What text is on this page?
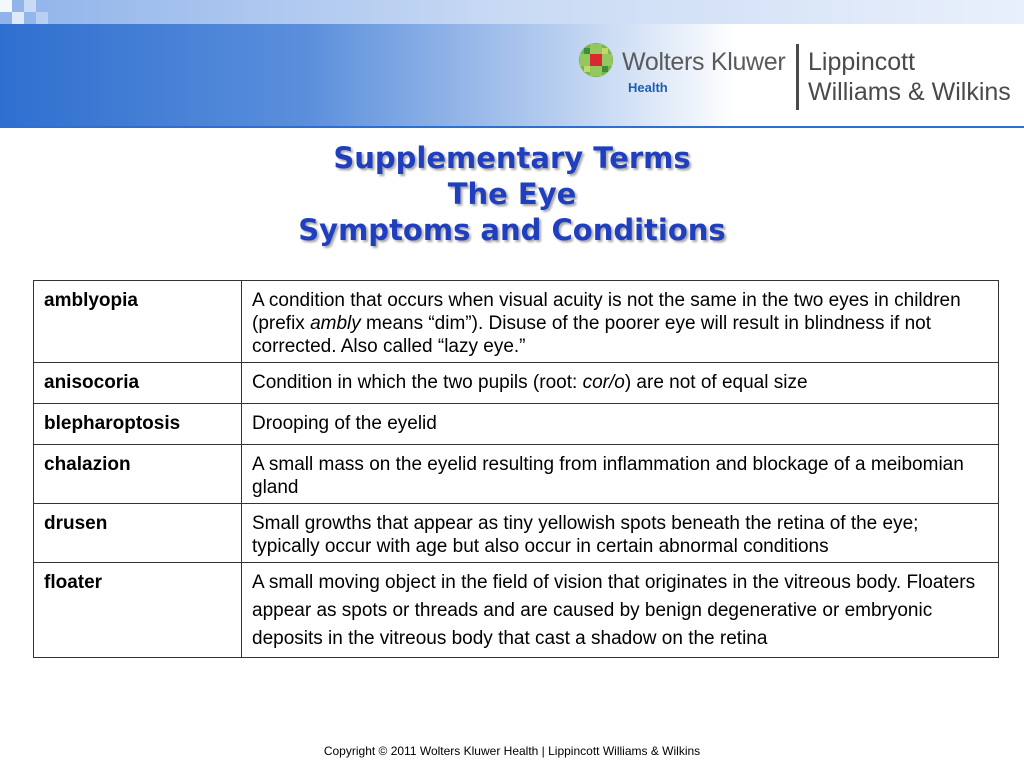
Wolters Kluwer
Health
Lippincott
Williams & Wilkins
Supplementary Terms
The Eye
Symptoms and Conditions
amblyopia	A condition that occurs when visual acuity is not the same in the two eyes in children (prefix ambly means “dim”). Disuse of the poorer eye will result in blindness if not corrected. Also called “lazy eye.”
anisocoria	Condition in which the two pupils (root: cor/o) are not of equal size
blepharoptosis	Drooping of the eyelid
chalazion	A small mass on the eyelid resulting from inflammation and blockage of a meibomian gland
drusen	Small growths that appear as tiny yellowish spots beneath the retina of the eye; typically occur with age but also occur in certain abnormal conditions
floater	A small moving object in the field of vision that originates in the vitreous body. Floaters appear as spots or threads and are caused by benign degenerative or embryonic deposits in the vitreous body that cast a shadow on the retina
Copyright © 2011 Wolters Kluwer Health | Lippincott Williams & Wilkins
